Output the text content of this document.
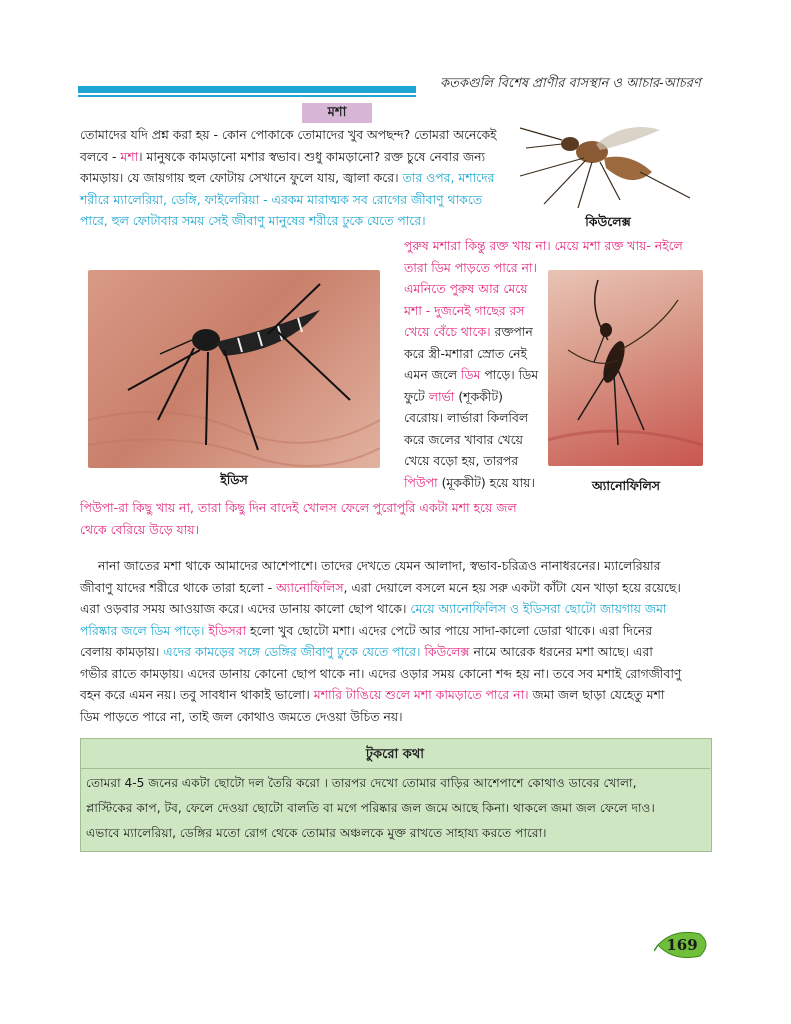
কতকগুলি বিশেষ প্রাণীর বাসস্থান ও আচার-আচরণ
মশা

তোমাদের যদি প্রশ্ন করা হয় - কোন পোকাকে তোমাদের খুব অপছন্দ? তোমরা অনেকেই

বলবে - মশা। মানুষকে কামড়ানো মশার স্বভাব। শুধু কামড়ানো? রক্ত চুষে নেবার জন্য

কামড়ায়। যে জায়গায় হুল ফোটায় সেখানে ফুলে যায়, জ্বালা করে। তার ওপর, মশাদের

শরীরে ম্যালেরিয়া, ডেঙ্গি, ফাইলেরিয়া - এরকম মারাত্মক সব রোগের জীবাণু থাকতে

পারে, হুল ফোটাবার সময় সেই জীবাণু মানুষের শরীরে ঢুকে যেতে পারে।	কিউলেক্স

পুরুষ মশারা কিন্তু রক্ত খায় না। মেয়ে মশা রক্ত খায়- নইলে

তারা ডিম পাড়তে পারে না।

এমনিতে পুরুষ আর মেয়ে

মশা - দুজনেই গাছের রস

খেয়ে বেঁচে থাকে। রক্তপান

করে স্ত্রী-মশারা স্রোত নেই

এমন জলে ডিম পাড়ে। ডিম

ফুটে লার্ভা (শূককীট)

বেরোয়। লার্ভারা কিলবিল

করে জলের খাবার খেয়ে

খেয়ে বড়ো হয়, তারপর

পিউপা (মূককীট) হয়ে যায়।

ইডিস	অ্যানোফিলিস

পিউপা-রা কিছু খায় না, তারা কিছু দিন বাদেই খোলস ফেলে পুরোপুরি একটা মশা হয়ে জল

থেকে বেরিয়ে উড়ে যায়।

নানা জাতের মশা থাকে আমাদের আশেপাশে। তাদের দেখতে যেমন আলাদা, স্বভাব-চরিত্রও নানাধরনের। ম্যালেরিয়ার

জীবাণু যাদের শরীরে থাকে তারা হলো - অ্যানোফিলিস, এরা দেয়ালে বসলে মনে হয় সরু একটা কাঁটা যেন খাড়া হয়ে রয়েছে।

এরা ওড়বার সময় আওয়াজ করে। এদের ডানায় কালো ছোপ থাকে। মেয়ে অ্যানোফিলিস ও ইডিসরা ছোটো জায়গায় জমা

পরিষ্কার জলে ডিম পাড়ে। ইডিসরা হলো খুব ছোটো মশা। এদের পেটে আর পায়ে সাদা-কালো ডোরা থাকে। এরা দিনের

বেলায় কামড়ায়। এদের কামড়ের সঙ্গে ডেঙ্গির জীবাণু ঢুকে যেতে পারে। কিউলেক্স নামে আরেক ধরনের মশা আছে। এরা

গভীর রাতে কামড়ায়। এদের ডানায় কোনো ছোপ থাকে না। এদের ওড়ার সময় কোনো শব্দ হয় না। তবে সব মশাই রোগজীবাণু

বহন করে এমন নয়। তবু সাবধান থাকাই ভালো। মশারি টাঙিয়ে শুলে মশা কামড়াতে পারে না। জমা জল ছাড়া যেহেতু মশা

ডিম পাড়তে পারে না, তাই জল কোথাও জমতে দেওয়া উচিত নয়।

টুকরো কথা

তোমরা 4-5 জনের একটা ছোটো দল তৈরি করো । তারপর দেখো তোমার বাড়ির আশেপাশে কোথাও ডাবের খোলা,

প্লাস্টিকের কাপ, টব, ফেলে দেওয়া ছোটো বালতি বা মগে পরিষ্কার জল জমে আছে কিনা। থাকলে জমা জল ফেলে দাও।

এভাবে ম্যালেরিয়া, ডেঙ্গির মতো রোগ থেকে তোমার অঞ্চলকে মুক্ত রাখতে সাহায্য করতে পারো।

169
